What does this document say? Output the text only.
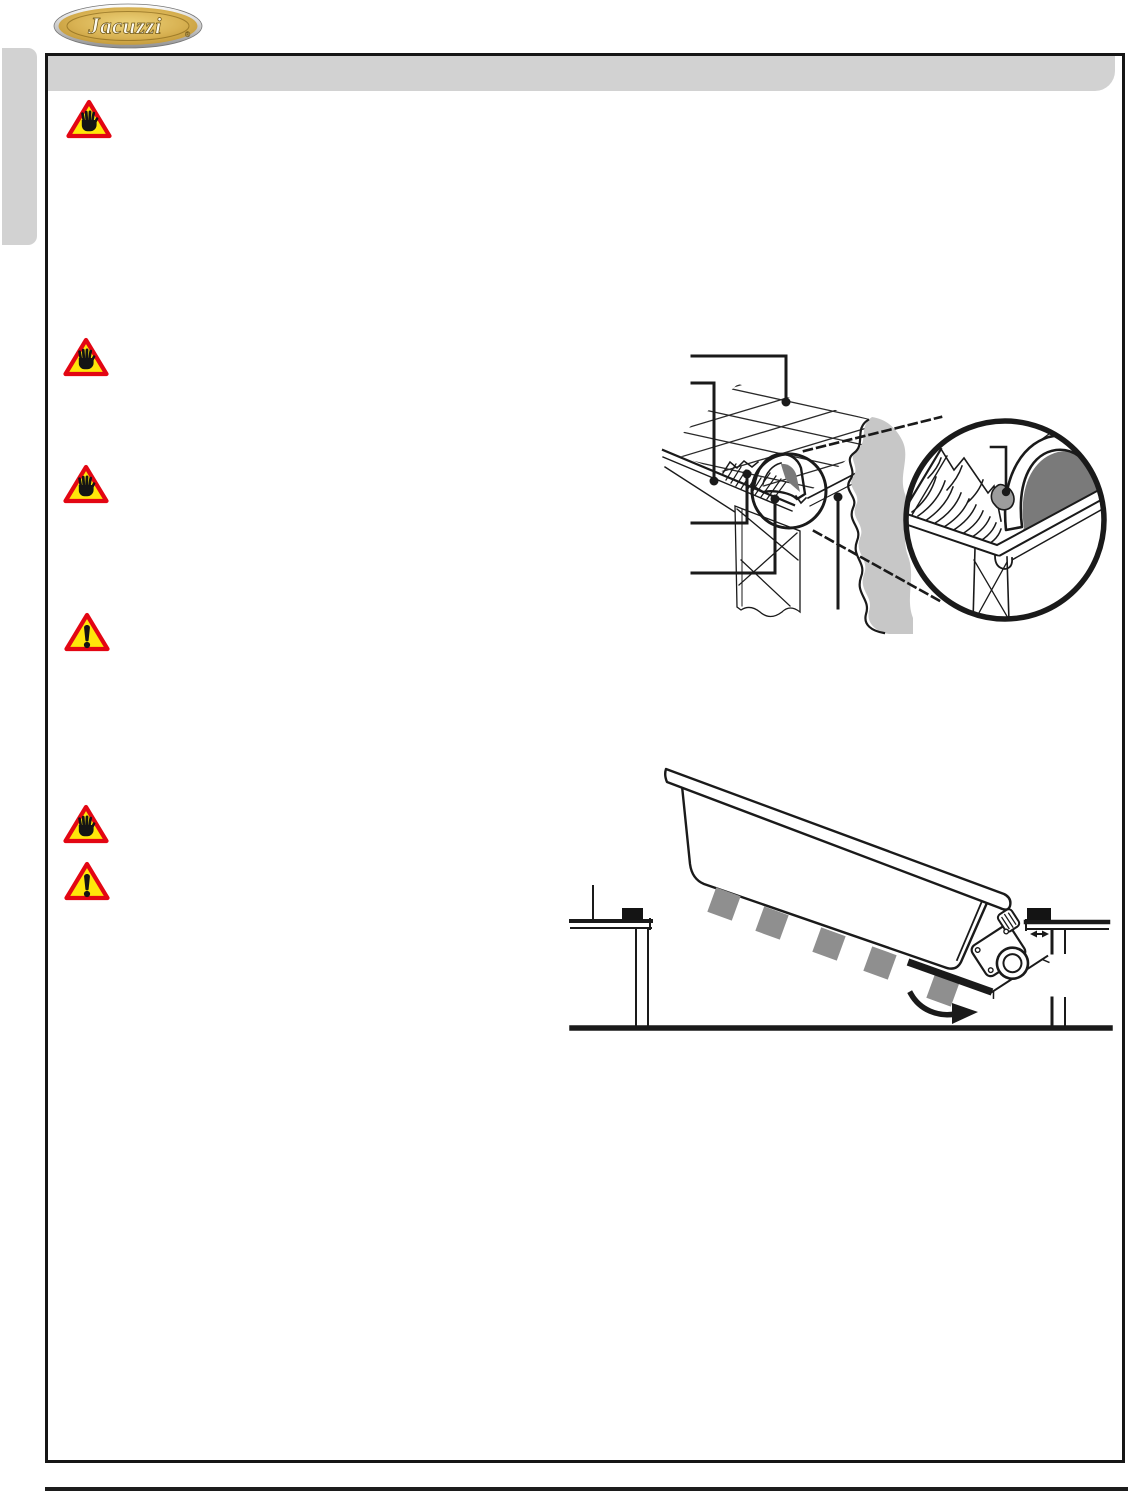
Jacuzzi	®
